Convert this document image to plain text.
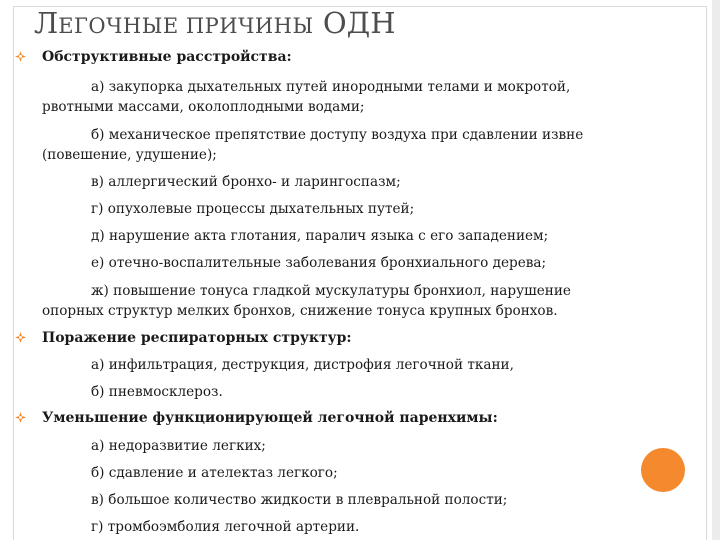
ЛЕГОЧНЫЕ ПРИЧИНЫ ОДН
Обструктивные расстройства:
а) закупорка дыхательных путей инородными телами и мокротой,
рвотными массами, околоплодными водами;
б) механическое препятствие доступу воздуха при сдавлении извне
(повешение, удушение);
в) аллергический бронхо- и ларингоспазм;
г) опухолевые процессы дыхательных путей;
д) нарушение акта глотания, паралич языка с его западением;
е) отечно-воспалительные заболевания бронхиального дерева;
ж) повышение тонуса гладкой мускулатуры бронхиол, нарушение
опорных структур мелких бронхов, снижение тонуса крупных бронхов.
Поражение респираторных структур:
а) инфильтрация, деструкция, дистрофия легочной ткани,
б) пневмосклероз.
Уменьшение функционирующей легочной паренхимы:
а) недоразвитие легких;
б) сдавление и ателектаз легкого;
в) большое количество жидкости в плевральной полости;
г) тромбоэмболия легочной артерии.
